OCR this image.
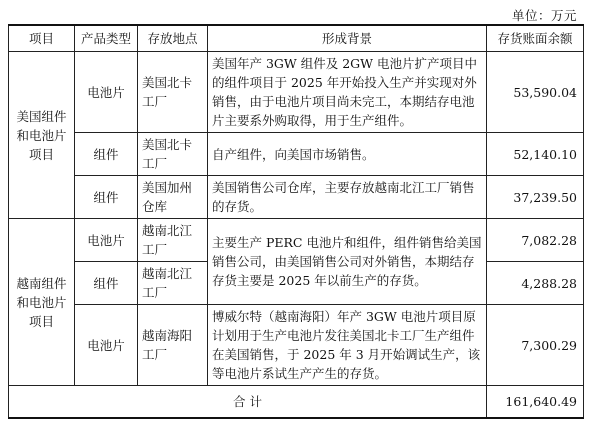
单位：万元
项目	产品类型	存放地点	形成背景	存货账面余额
美国组件和电池片项目	电池片	美国北卡工厂	美国年产 3GW 组件及 2GW 电池片扩产项目中的组件项目于 2025 年开始投入生产并实现对外销售，由于电池片项目尚未完工，本期结存电池片主要系外购取得，用于生产组件。	53,590.04
	组件	美国北卡工厂	自产组件，向美国市场销售。	52,140.10
	组件	美国加州仓库	美国销售公司仓库，主要存放越南北江工厂销售的存货。	37,239.50
越南组件和电池片项目	电池片	越南北江工厂	主要生产 PERC 电池片和组件，组件销售给美国销售公司，由美国销售公司对外销售，本期结存存货主要是 2025 年以前生产的存货。	7,082.28
	组件	越南北江工厂		4,288.28
	电池片	越南海阳工厂	博威尔特（越南海阳）年产 3GW 电池片项目原计划用于生产电池片发往美国北卡工厂生产组件在美国销售，于 2025 年 3 月开始调试生产，该等电池片系试生产产生的存货。	7,300.29
合 计				161,640.49
